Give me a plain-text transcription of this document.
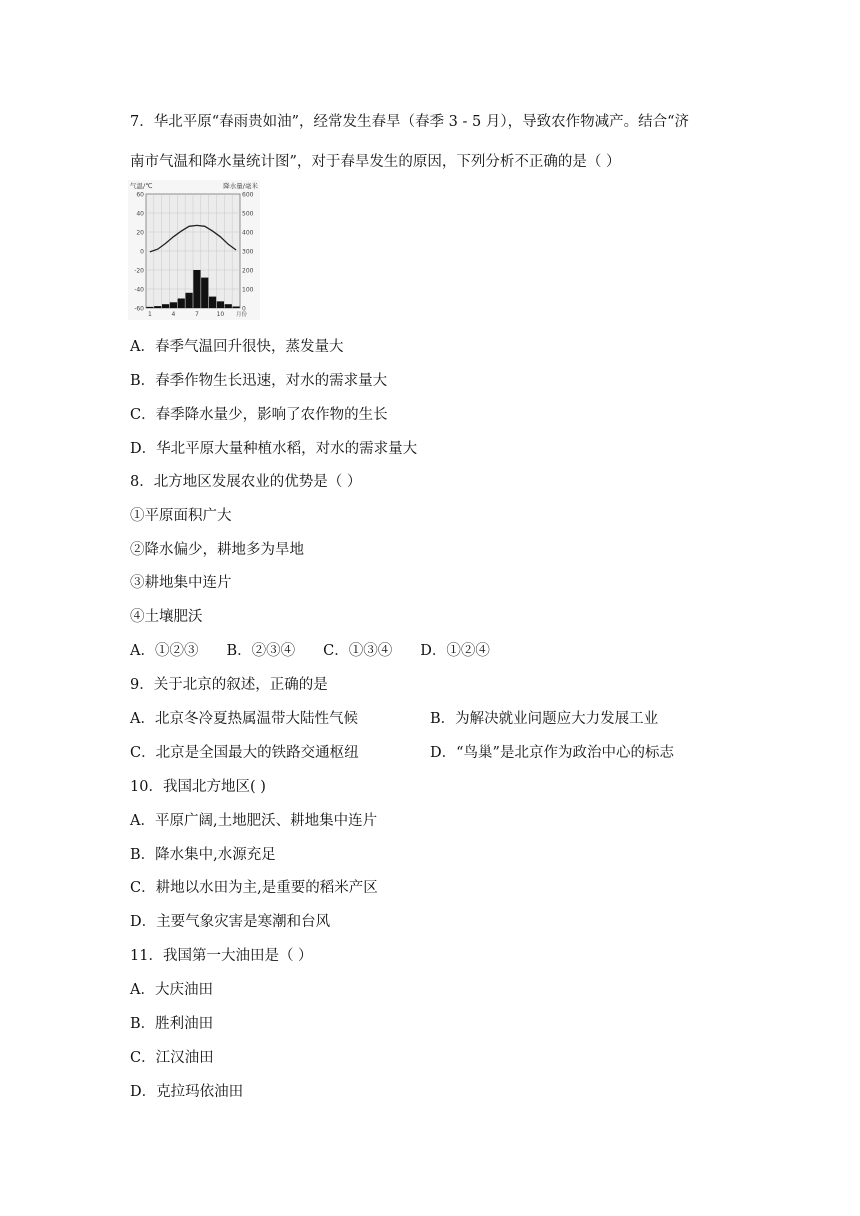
7．华北平原“春雨贵如油”，经常发生春旱（春季 3 - 5 月），导致农作物减产。结合“济
南市气温和降水量统计图”，对于春旱发生的原因，下列分析不正确的是（ ）
60
40
20
0
-20
-40
-60
600
500
400
300
200
100
0
1	4	7	10 月份
气温/℃	降水量/毫米
A．春季气温回升很快，蒸发量大
B．春季作物生长迅速，对水的需求量大
C．春季降水量少，影响了农作物的生长
D．华北平原大量种植水稻，对水的需求量大
8．北方地区发展农业的优势是（ ）
①平原面积广大
②降水偏少，耕地多为旱地
③耕地集中连片
④土壤肥沃
A．①②③ B．②③④ C．①③④ D．①②④
9．关于北京的叙述，正确的是
A．北京冬冷夏热属温带大陆性气候	B．为解决就业问题应大力发展工业
C．北京是全国最大的铁路交通枢纽	D．“鸟巢”是北京作为政治中心的标志
10．我国北方地区( )
A．平原广阔,土地肥沃、耕地集中连片
B．降水集中,水源充足
C．耕地以水田为主,是重要的稻米产区
D．主要气象灾害是寒潮和台风
11．我国第一大油田是（ ）
A．大庆油田
B．胜利油田
C．江汉油田
D．克拉玛依油田
